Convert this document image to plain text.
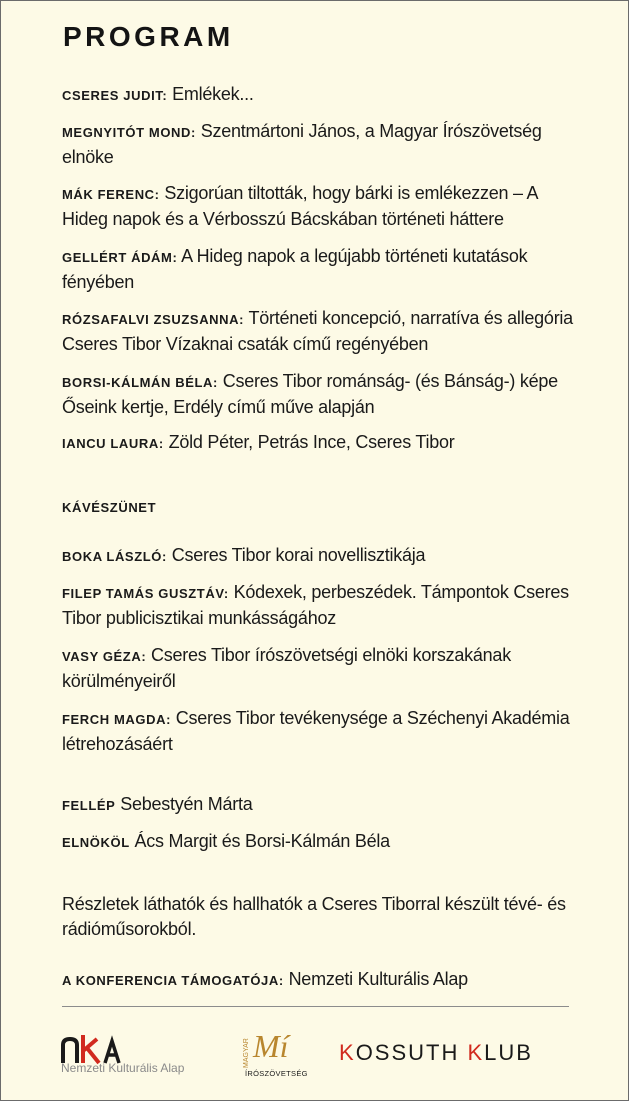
PROGRAM
CSERES JUDIT: Emlékek...
MEGNYITÓT MOND: Szentmártoni János, a Magyar Írószövetség elnöke
MÁK FERENC: Szigorúan tiltották, hogy bárki is emlékezzen – A Hideg napok és a Vérbosszú Bácskában történeti háttere
GELLÉRT ÁDÁM: A Hideg napok a legújabb történeti kutatások fényében
RÓZSAFALVI ZSUZSANNA: Történeti koncepció, narratíva és allegória Cseres Tibor Vízaknai csaták című regényében
BORSI-KÁLMÁN BÉLA: Cseres Tibor románság- (és Bánság-) képe Őseink kertje, Erdély című műve alapján
IANCU LAURA: Zöld Péter, Petrás Ince, Cseres Tibor
KÁVÉSZÜNET
BOKA LÁSZLÓ: Cseres Tibor korai novellisztikája
FILEP TAMÁS GUSZTÁV: Kódexek, perbeszédek. Támpontok Cseres Tibor publicisztikai munkásságához
VASY GÉZA: Cseres Tibor írószövetségi elnöki korszakának körülményeiről
FERCH MAGDA: Cseres Tibor tevékenysége a Széchenyi Akadémia létrehozásáért
FELLÉP Sebestyén Márta
ELNÖKÖL Ács Margit és Borsi-Kálmán Béla
Részletek láthatók és hallhatók a Cseres Tiborral készült tévé- és rádióműsorokból.
A KONFERENCIA TÁMOGATÓJA: Nemzeti Kulturális Alap
Nemzeti Kulturális Alap	MAGYAR Mí
ÍRÓSZÖVETSÉG
KOSSUTH KLUB
